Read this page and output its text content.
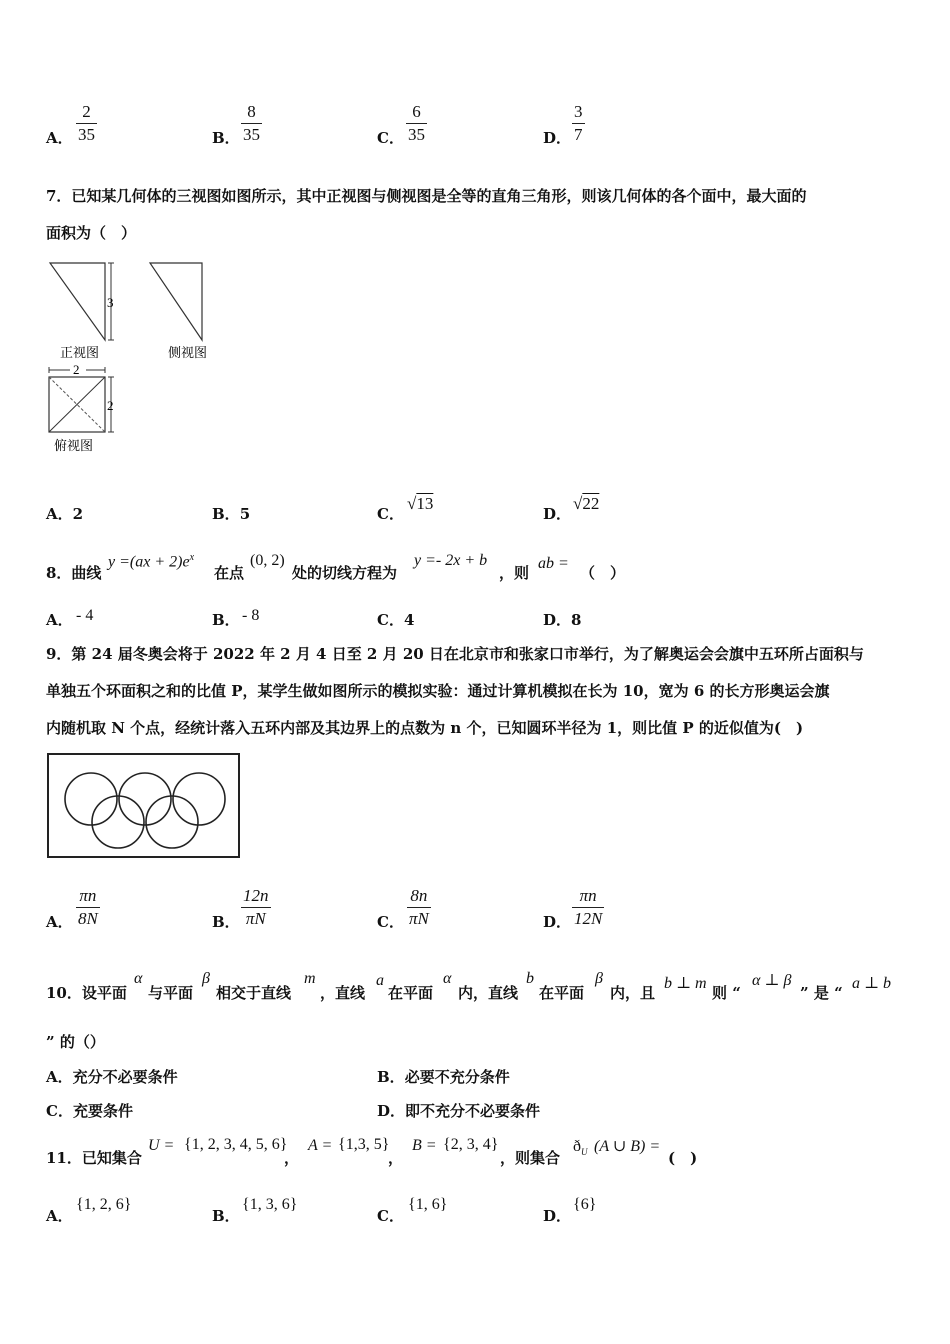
A．
2
35	B．
8
35	C．
6
35	D．
3
7
7．已知某几何体的三视图如图所示，其中正视图与侧视图是全等的直角三角形，则该几何体的各个面中，最大面的
面积为（　）
3
正视图	侧视图
2
2
俯视图
A．2	B．5	C．
√13
D．
√22
8．曲线
$y =(ax + 2)e^x$
在点
(0, 2)
处的切线方程为
y =- 2x + b
，则
ab =
（　）
A． - 4	B． - 8	C．4	D．8
9．第 24 届冬奥会将于 2022 年 2 月 4 日至 2 月 20 日在北京市和张家口市举行，为了解奥运会会旗中五环所占面积与
单独五个环面积之和的比值 P，某学生做如图所示的模拟实验：通过计算机模拟在长为 10，宽为 6 的长方形奥运会旗
内随机取 N 个点，经统计落入五环内部及其边界上的点数为 n 个，已知圆环半径为 1，则比值 P 的近似值为(　)
A．
πn
8N	B．
12n
πN	C．
8n
πN	D．
πn
12N
10．设平面
α
与平面
β
相交于直线
m
，直线
a
在平面
α
内，直线
b
在平面
β
内，且
b ⊥ m
则 “
α ⊥ β
” 是 “
a ⊥ b
” 的（）
A．充分不必要条件	B．必要不充分条件
C．充要条件	D．即不充分不必要条件
11．已知集合
U = {1, 2, 3, 4, 5, 6}
，
A = {1,3, 5}
，
B = {2, 3, 4}
，则集合
$ð_U$ (A ∪ B) =
(　)
A．
{1, 2, 6}
B．
{1, 3, 6}
C．
{1, 6}
D．
{6}
